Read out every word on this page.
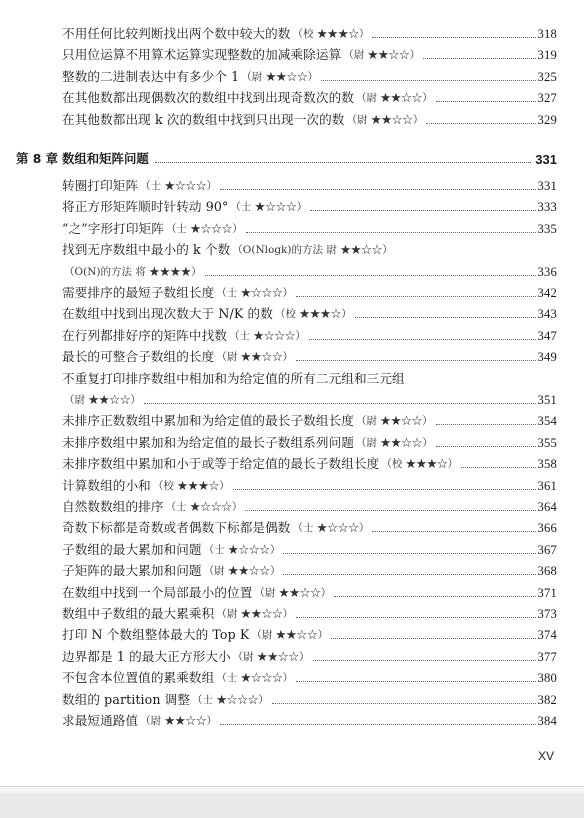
不用任何比较判断找出两个数中较大的数 （校 ★★★☆）	318
只用位运算不用算术运算实现整数的加减乘除运算 （尉 ★★☆☆）	319
整数的二进制表达中有多少个 1 （尉 ★★☆☆）	325
在其他数都出现偶数次的数组中找到出现奇数次的数 （尉 ★★☆☆）	327
在其他数都出现 k 次的数组中找到只出现一次的数 （尉 ★★☆☆）	329
第 8 章 数组和矩阵问题	331
转圈打印矩阵 （士 ★☆☆☆）	331
将正方形矩阵顺时针转动 90° （士 ★☆☆☆）	333
“之”字形打印矩阵 （士 ★☆☆☆）	335
找到无序数组中最小的 k 个数 （O(Nlogk)的方法 尉 ★★☆☆）
（O(N)的方法 将 ★★★★）	336
需要排序的最短子数组长度 （士 ★☆☆☆）	342
在数组中找到出现次数大于 N/K 的数 （校 ★★★☆）	343
在行列都排好序的矩阵中找数 （士 ★☆☆☆）	347
最长的可整合子数组的长度 （尉 ★★☆☆）	349
不重复打印排序数组中相加和为给定值的所有二元组和三元组
（尉 ★★☆☆）	351
未排序正数数组中累加和为给定值的最长子数组长度 （尉 ★★☆☆）	354
未排序数组中累加和为给定值的最长子数组系列问题 （尉 ★★☆☆）	355
未排序数组中累加和小于或等于给定值的最长子数组长度 （校 ★★★☆）	358
计算数组的小和 （校 ★★★☆）	361
自然数数组的排序 （士 ★☆☆☆）	364
奇数下标都是奇数或者偶数下标都是偶数 （士 ★☆☆☆）	366
子数组的最大累加和问题 （士 ★☆☆☆）	367
子矩阵的最大累加和问题 （尉 ★★☆☆）	368
在数组中找到一个局部最小的位置 （尉 ★★☆☆）	371
数组中子数组的最大累乘积 （尉 ★★☆☆）	373
打印 N 个数组整体最大的 Top K （尉 ★★☆☆）	374
边界都是 1 的最大正方形大小 （尉 ★★☆☆）	377
不包含本位置值的累乘数组 （士 ★☆☆☆）	380
数组的 partition 调整 （士 ★☆☆☆）	382
求最短通路值 （尉 ★★☆☆）	384
XV
